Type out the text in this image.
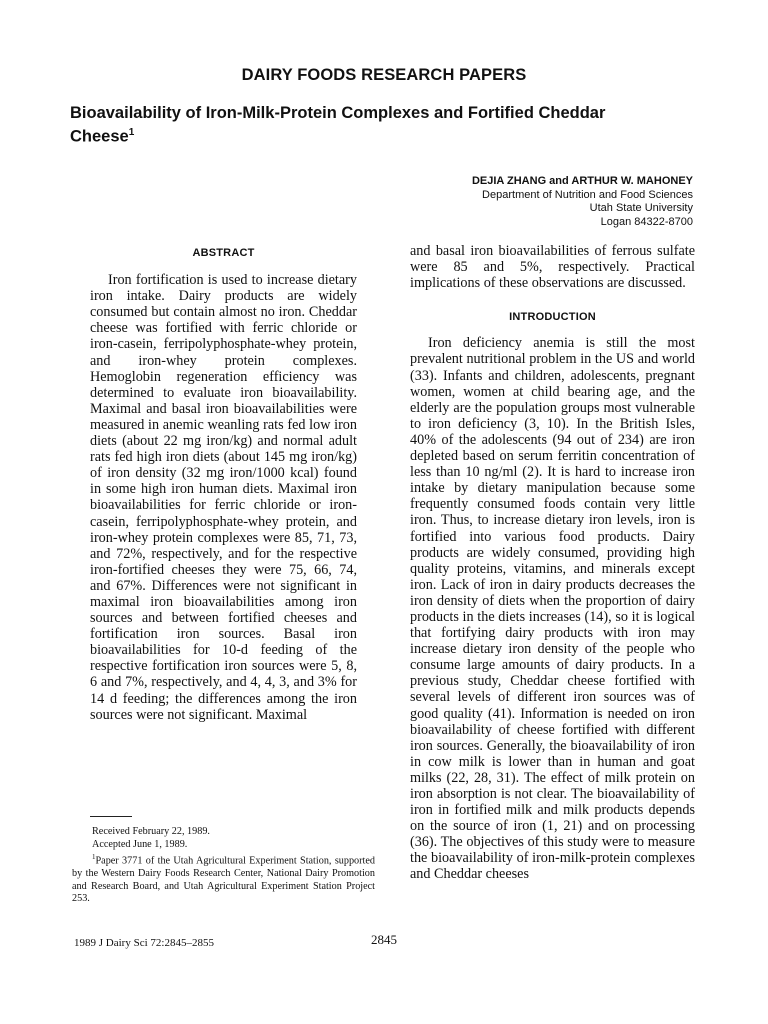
DAIRY FOODS RESEARCH PAPERS
Bioavailability of Iron-Milk-Protein Complexes and Fortified Cheddar Cheese$^1$
DEJIA ZHANG and ARTHUR W. MAHONEY
Department of Nutrition and Food Sciences
Utah State University
Logan 84322-8700
ABSTRACT

Iron fortification is used to increase dietary iron intake. Dairy products are widely consumed but contain almost no iron. Cheddar cheese was fortified with ferric chloride or iron-casein, ferripolyphosphate-whey protein, and iron-whey protein complexes. Hemoglobin regeneration efficiency was determined to evaluate iron bioavailability. Maximal and basal iron bioavailabilities were measured in anemic weanling rats fed low iron diets (about 22 mg iron/kg) and normal adult rats fed high iron diets (about 145 mg iron/kg) of iron density (32 mg iron/1000 kcal) found in some high iron human diets. Maximal iron bioavailabilities for ferric chloride or iron-casein, ferripolyphosphate-whey protein, and iron-whey protein complexes were 85, 71, 73, and 72%, respectively, and for the respective iron-fortified cheeses they were 75, 66, 74, and 67%. Differences were not significant in maximal iron bioavailabilities among iron sources and between fortified cheeses and fortification iron sources. Basal iron bioavailabilities for 10-d feeding of the respective fortification iron sources were 5, 8, 6 and 7%, respectively, and 4, 4, 3, and 3% for 14 d feeding; the differences among the iron sources were not significant. Maximal

and basal iron bioavailabilities of ferrous sulfate were 85 and 5%, respectively. Practical implications of these observations are discussed.

INTRODUCTION

Iron deficiency anemia is still the most prevalent nutritional problem in the US and world (33). Infants and children, adolescents, pregnant women, women at child bearing age, and the elderly are the population groups most vulnerable to iron deficiency (3, 10). In the British Isles, 40% of the adolescents (94 out of 234) are iron depleted based on serum ferritin concentration of less than 10 ng/ml (2). It is hard to increase iron intake by dietary manipulation because some frequently consumed foods contain very little iron. Thus, to increase dietary iron levels, iron is fortified into various food products. Dairy products are widely consumed, providing high quality proteins, vitamins, and minerals except iron. Lack of iron in dairy products decreases the iron density of diets when the proportion of dairy products in the diets increases (14), so it is logical that fortifying dairy products with iron may increase dietary iron density of the people who consume large amounts of dairy products. In a previous study, Cheddar cheese fortified with several levels of different iron sources was of good quality (41). Information is needed on iron bioavailability of cheese fortified with different iron sources. Generally, the bioavailability of iron in cow milk is lower than in human and goat milks (22, 28, 31). The effect of milk protein on iron absorption is not clear. The bioavailability of iron in fortified milk and milk products depends on the source of iron (1, 21) and on processing (36). The objectives of this study were to measure the bioavailability of iron-milk-protein complexes and Cheddar cheeses

Received February 22, 1989.

Accepted June 1, 1989.

$^1$Paper 3771 of the Utah Agricultural Experiment Station, supported by the Western Dairy Foods Research Center, National Dairy Promotion and Research Board, and Utah Agricultural Experiment Station Project 253.

1989 J Dairy Sci 72:2845–2855	2845
